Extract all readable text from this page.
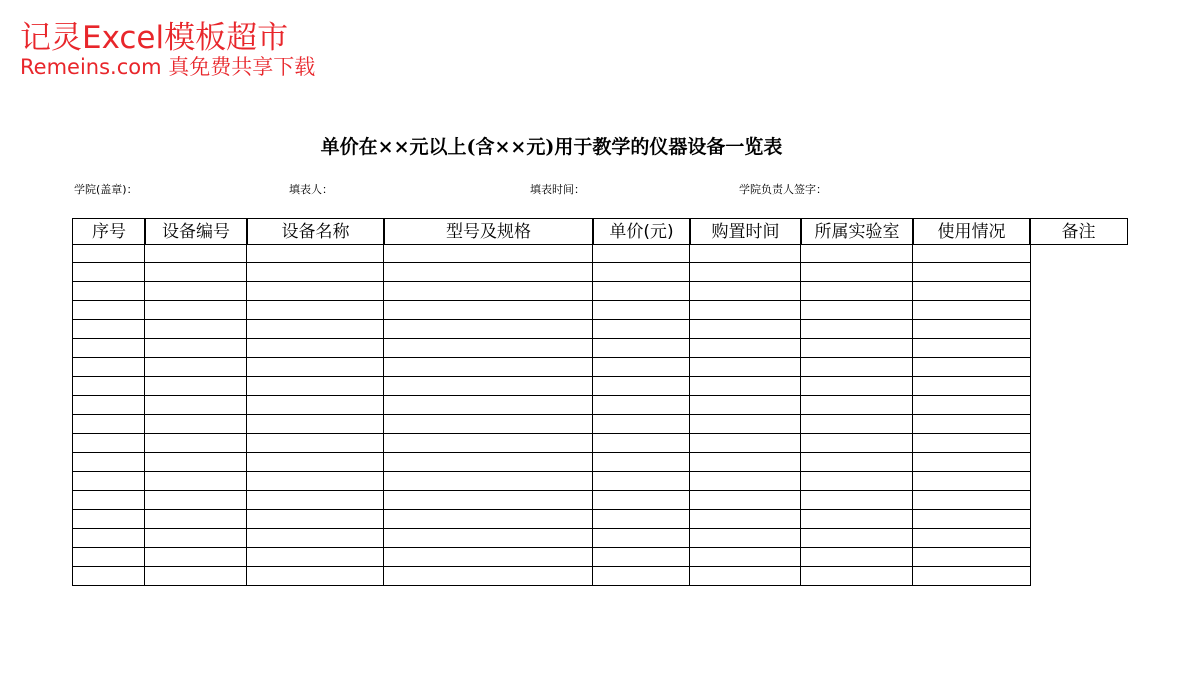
记灵Excel模板超市
Remeins.com 真免费共享下载
单价在××元以上(含××元)用于教学的仪器设备一览表
学院(盖章)：	填表人：	填表时间：	学院负责人签字：
序号	设备编号	设备名称	型号及规格	单价(元)	购置时间	所属实验室	使用情况	备注
